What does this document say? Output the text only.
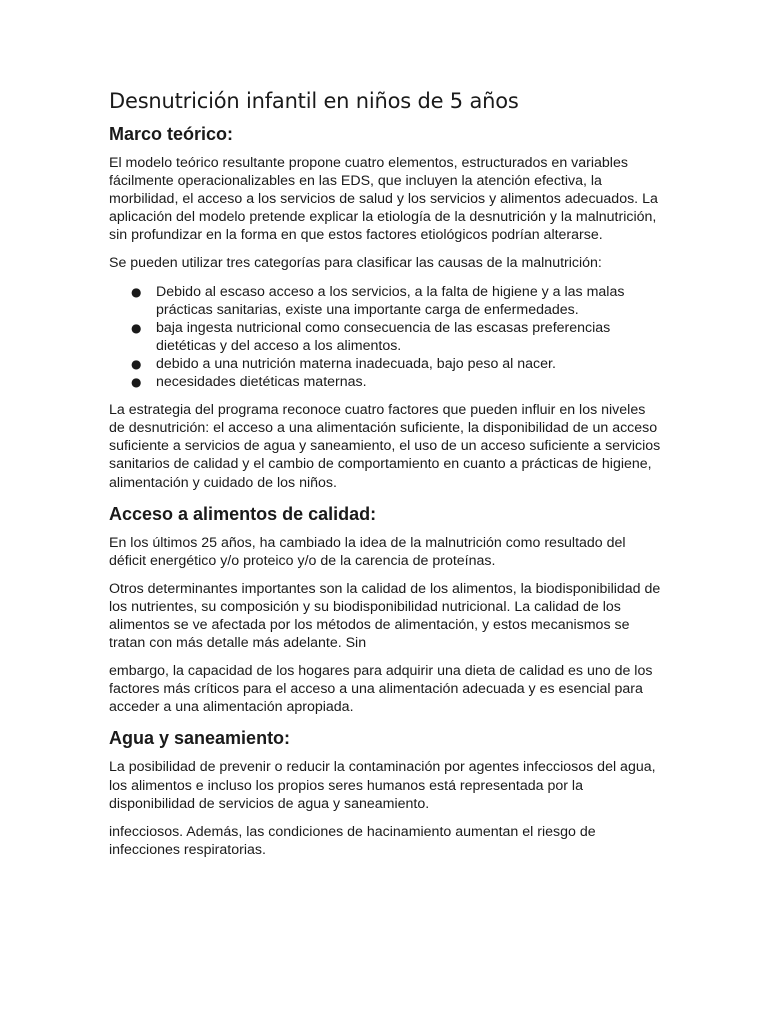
Desnutrición infantil en niños de 5 años
Marco teórico:

El modelo teórico resultante propone cuatro elementos, estructurados en variables fácilmente operacionalizables en las EDS, que incluyen la atención efectiva, la morbilidad, el acceso a los servicios de salud y los servicios y alimentos adecuados. La aplicación del modelo pretende explicar la etiología de la desnutrición y la malnutrición, sin profundizar en la forma en que estos factores etiológicos podrían alterarse.

Se pueden utilizar tres categorías para clasificar las causas de la malnutrición:

● Debido al escaso acceso a los servicios, a la falta de higiene y a las malas prácticas sanitarias, existe una importante carga de enfermedades.
● baja ingesta nutricional como consecuencia de las escasas preferencias dietéticas y del acceso a los alimentos.
● debido a una nutrición materna inadecuada, bajo peso al nacer.
● necesidades dietéticas maternas.

La estrategia del programa reconoce cuatro factores que pueden influir en los niveles de desnutrición: el acceso a una alimentación suficiente, la disponibilidad de un acceso suficiente a servicios de agua y saneamiento, el uso de un acceso suficiente a servicios sanitarios de calidad y el cambio de comportamiento en cuanto a prácticas de higiene, alimentación y cuidado de los niños.

Acceso a alimentos de calidad:

En los últimos 25 años, ha cambiado la idea de la malnutrición como resultado del déficit energético y/o proteico y/o de la carencia de proteínas.

Otros determinantes importantes son la calidad de los alimentos, la biodisponibilidad de los nutrientes, su composición y su biodisponibilidad nutricional. La calidad de los alimentos se ve afectada por los métodos de alimentación, y estos mecanismos se tratan con más detalle más adelante. Sin

embargo, la capacidad de los hogares para adquirir una dieta de calidad es uno de los factores más críticos para el acceso a una alimentación adecuada y es esencial para acceder a una alimentación apropiada.

Agua y saneamiento:

La posibilidad de prevenir o reducir la contaminación por agentes infecciosos del agua, los alimentos e incluso los propios seres humanos está representada por la disponibilidad de servicios de agua y saneamiento.

infecciosos. Además, las condiciones de hacinamiento aumentan el riesgo de infecciones respiratorias.
